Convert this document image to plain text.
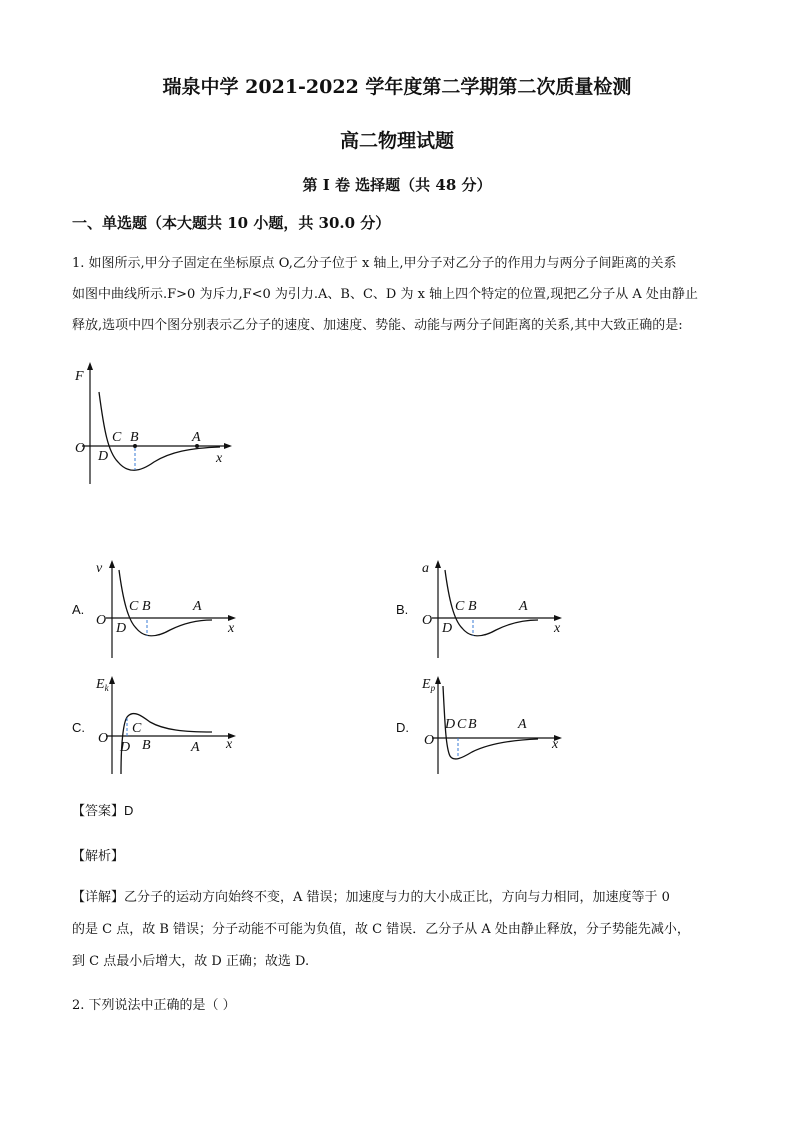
瑞泉中学 2021-2022 学年度第二学期第二次质量检测
高二物理试题
第 I 卷 选择题（共 48 分）
一、单选题（本大题共 10 小题，共 30.0 分）
1. 如图所示,甲分子固定在坐标原点 O,乙分子位于 x 轴上,甲分子对乙分子的作用力与两分子间距离的关系
如图中曲线所示.F>0 为斥力,F<0 为引力.A、B、C、D 为 x 轴上四个特定的位置,现把乙分子从 A 处由静止
释放,选项中四个图分别表示乙分子的速度、加速度、势能、动能与两分子间距离的关系,其中大致正确的是:
F
x
O
C B	A
D
A.
v
x
O
C B	A
D
B.
a
x
O
C B	A
D
C.
$E_k$
x
O
C
B	A
D
D.
$E_p$
x
O
D C B	A
【答案】D
【解析】
【详解】乙分子的运动方向始终不变，A 错误；加速度与力的大小成正比，方向与力相同，加速度等于 0
的是 C 点，故 B 错误；分子动能不可能为负值，故 C 错误．乙分子从 A 处由静止释放，分子势能先减小，
到 C 点最小后增大，故 D 正确；故选 D.
2. 下列说法中正确的是（ ）
